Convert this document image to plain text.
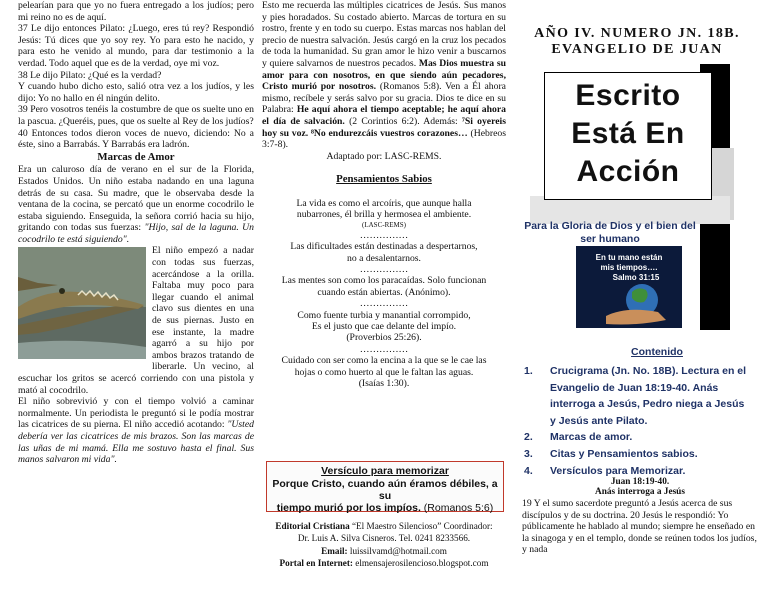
pelearían para que yo no fuera entregado a los judíos; pero mi reino no es de aquí.
37 Le dijo entonces Pilato: ¿Luego, eres tú rey? Respondió Jesús: Tú dices que yo soy rey. Yo para esto he nacido, y para esto he venido al mundo, para dar testimonio a la verdad. Todo aquel que es de la verdad, oye mi voz.
38 Le dijo Pilato: ¿Qué es la verdad?
Y cuando hubo dicho esto, salió otra vez a los judíos, y les dijo: Yo no hallo en él ningún delito.
39 Pero vosotros tenéis la costumbre de que os suelte uno en la pascua. ¿Queréis, pues, que os suelte al Rey de los judíos?
40 Entonces todos dieron voces de nuevo, diciendo: No a éste, sino a Barrabás. Y Barrabás era ladrón.
Marcas de Amor
Era un caluroso día de verano en el sur de la Florida, Estados Unidos. Un niño estaba nadando en una laguna detrás de su casa. Su madre, que le observaba desde la ventana de la cocina, se percató que un enorme cocodrilo le estaba siguiendo. Enseguida, la señora corrió hacia su hijo, gritando con todas sus fuerzas: "Hijo, sal de la laguna. Un cocodrilo te está siguiendo".
El niño empezó a nadar con todas sus fuerzas, acercándose a la orilla. Faltaba muy poco para llegar cuando el animal clavo sus dientes en una de sus piernas. Justo en ese instante, la madre agarró a su hijo por ambos brazos tratando de liberarle. Un vecino, al escuchar los gritos se acercó corriendo con una pistola y mató al cocodrilo.
El niño sobrevivió y con el tiempo volvió a caminar normalmente. Un periodista le preguntó si le podía mostrar las cicatrices de su pierna. El niño accedió acotando: "Usted debería ver las cicatrices de mis brazos. Son las marcas de las uñas de mi mamá. Ella me sostuvo hasta el final. Sus manos salvaron mi vida".
Esto me recuerda las múltiples cicatrices de Jesús. Sus manos y pies horadados. Su costado abierto. Marcas de tortura en su rostro, frente y en todo su cuerpo. Estas marcas nos hablan del precio de nuestra salvación. Jesús cargó en la cruz los pecados de toda la humanidad. Su gran amor le hizo venir a buscarnos y quiere salvarnos de nuestros pecados. Mas Dios muestra su amor para con nosotros, en que siendo aún pecadores, Cristo murió por nosotros. (Romanos 5:8). Ven a Él ahora mismo, recíbele y serás salvo por su gracia. Dios te dice en su Palabra: He aquí ahora el tiempo aceptable; he aquí ahora el día de salvación. (2 Corintios 6:2). Además: ⁷Si oyereis hoy su voz. ⁸No endurezcáis vuestros corazones… (Hebreos 3:7-8).
Adaptado por: LASC-REMS.
Pensamientos Sabios
La vida es como el arcoíris, que aunque halla
nubarrones, él brilla y hermosea el ambiente.
(LASC-REMS)
……………
Las dificultades están destinadas a despertarnos,
no a desalentarnos.
……………
Las mentes son como los paracaídas. Solo funcionan
cuando están abiertas. (Anónimo).
……………
Como fuente turbia y manantial corrompido,
Es el justo que cae delante del impío.
(Proverbios 25:26).
……………
Cuidado con ser como la encina a la que se le cae las
hojas o como huerto al que le faltan las aguas.
(Isaías 1:30).
Versículo para memorizar
Porque Cristo, cuando aún éramos débiles, a su
tiempo murió por los impíos. (Romanos 5:6)
Editorial Cristiana “El Maestro Silencioso” Coordinador:
Dr. Luis A. Silva Cisneros. Tel. 0241 8233566.
Email: luissilvamd@hotmail.com
Portal en Internet: elmensajerosilencioso.blogspot.com
AÑO IV. NUMERO JN. 18B.
EVANGELIO DE JUAN
Escrito
Está En
Acción
Para la Gloria de Dios y el bien del ser humano
En tu mano están
mis tiempos….
Salmo 31:15
Contenido
1.	Crucigrama (Jn. No. 18B). Lectura en el Evangelio de Juan 18:19-40. Anás interroga a Jesús, Pedro niega a Jesús y Jesús ante Pilato.
2.	Marcas de amor.
3.	Citas y Pensamientos sabios.
4.	Versículos para Memorizar.
Juan 18:19-40.
Anás interroga a Jesús
19 Y el sumo sacerdote preguntó a Jesús acerca de sus discípulos y de su doctrina. 20 Jesús le respondió: Yo públicamente he hablado al mundo; siempre he enseñado en la sinagoga y en el templo, donde se reúnen todos los judíos, y nada
